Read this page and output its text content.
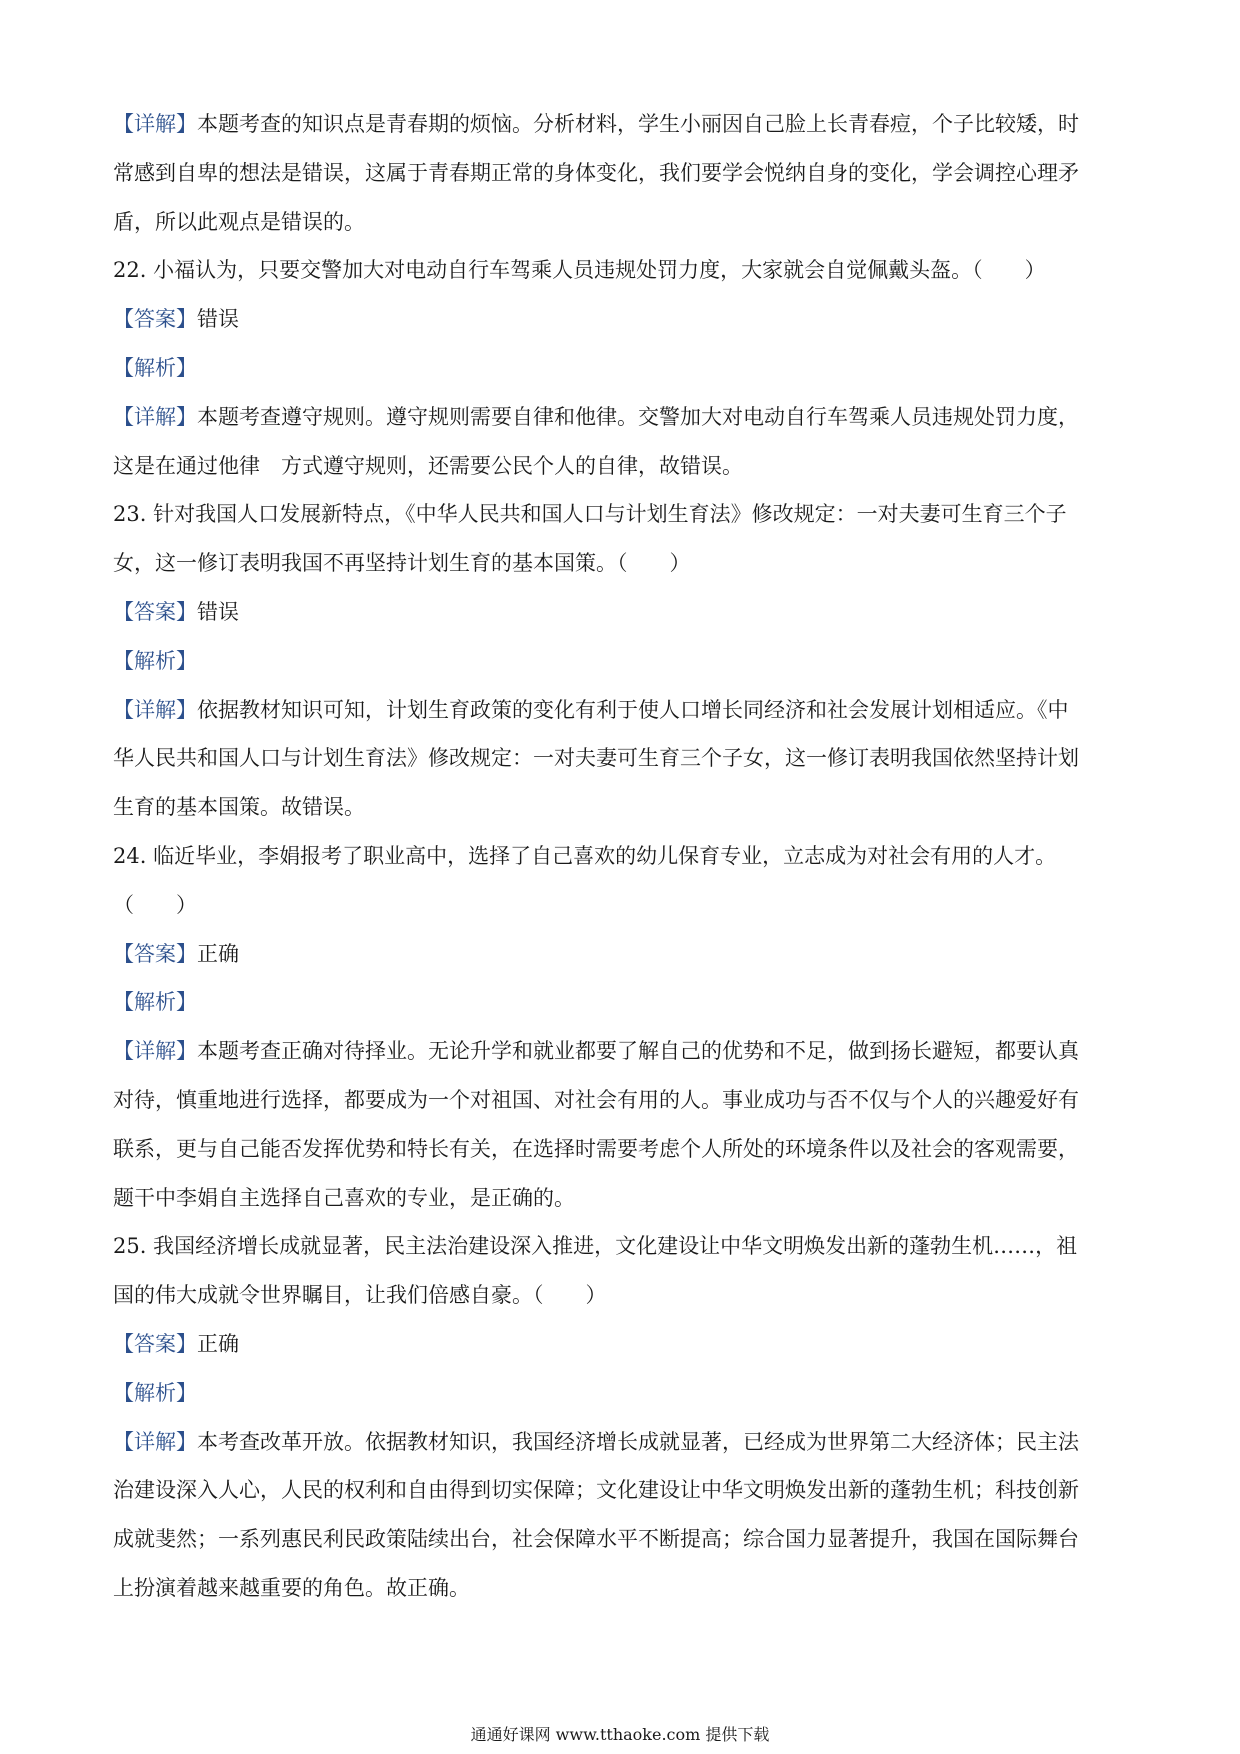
【详解】本题考查的知识点是青春期的烦恼。分析材料，学生小丽因自己脸上长青春痘，个子比较矮，时
常感到自卑的想法是错误，这属于青春期正常的身体变化，我们要学会悦纳自身的变化，学会调控心理矛
盾，所以此观点是错误的。
22. 小福认为，只要交警加大对电动自行车驾乘人员违规处罚力度，大家就会自觉佩戴头盔。（　　）
【答案】错误
【解析】
【详解】本题考查遵守规则。遵守规则需要自律和他律。交警加大对电动自行车驾乘人员违规处罚力度，
这是在通过他律　方式遵守规则，还需要公民个人的自律，故错误。
23. 针对我国人口发展新特点，《中华人民共和国人口与计划生育法》修改规定：一对夫妻可生育三个子
女，这一修订表明我国不再坚持计划生育的基本国策。（　　）
【答案】错误
【解析】
【详解】依据教材知识可知，计划生育政策的变化有利于使人口增长同经济和社会发展计划相适应。《中
华人民共和国人口与计划生育法》修改规定：一对夫妻可生育三个子女，这一修订表明我国依然坚持计划
生育的基本国策。故错误。
24. 临近毕业，李娟报考了职业高中，选择了自己喜欢的幼儿保育专业，立志成为对社会有用的人才。
（　　）
【答案】正确
【解析】
【详解】本题考查正确对待择业。无论升学和就业都要了解自己的优势和不足，做到扬长避短，都要认真
对待，慎重地进行选择，都要成为一个对祖国、对社会有用的人。事业成功与否不仅与个人的兴趣爱好有
联系，更与自己能否发挥优势和特长有关，在选择时需要考虑个人所处的环境条件以及社会的客观需要，
题干中李娟自主选择自己喜欢的专业，是正确的。
25. 我国经济增长成就显著，民主法治建设深入推进，文化建设让中华文明焕发出新的蓬勃生机……，祖
国的伟大成就令世界瞩目，让我们倍感自豪。（　　）
【答案】正确
【解析】
【详解】本考查改革开放。依据教材知识，我国经济增长成就显著，已经成为世界第二大经济体；民主法
治建设深入人心，人民的权利和自由得到切实保障；文化建设让中华文明焕发出新的蓬勃生机；科技创新
成就斐然；一系列惠民利民政策陆续出台，社会保障水平不断提高；综合国力显著提升，我国在国际舞台
上扮演着越来越重要的角色。故正确。
通通好课网 www.tthaoke.com 提供下载
